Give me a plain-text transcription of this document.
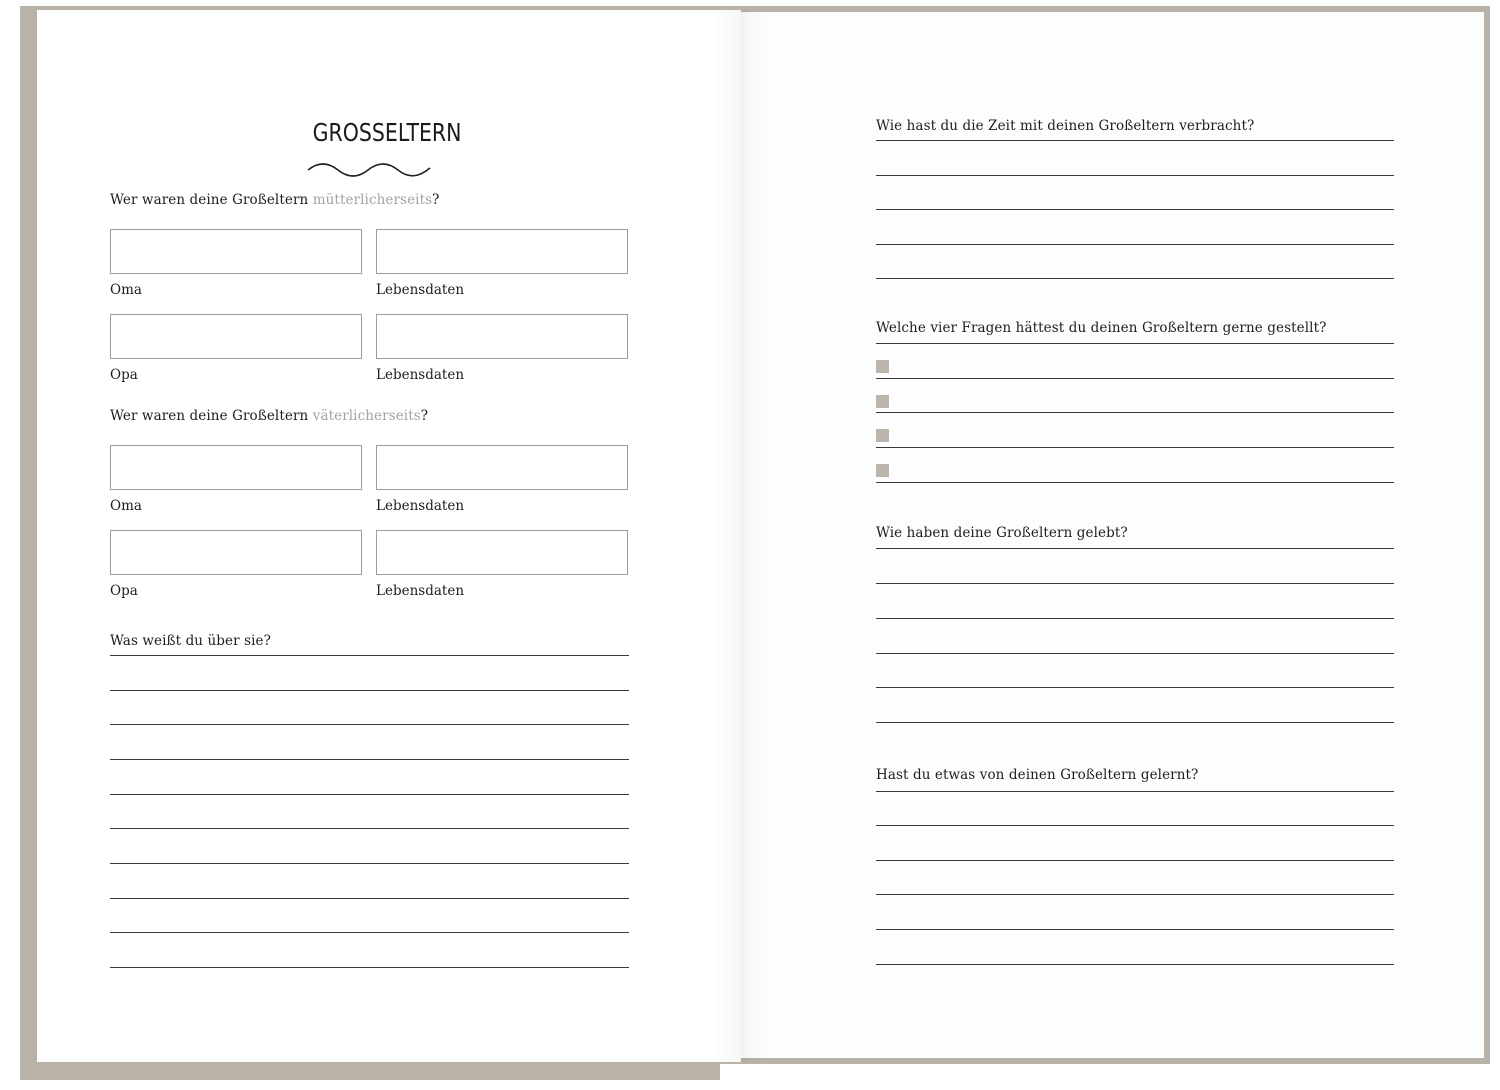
GROSSELTERN
Wer waren deine Großeltern mütterlicherseits?
Oma	Lebensdaten
Opa	Lebensdaten
Wer waren deine Großeltern väterlicherseits?
Oma	Lebensdaten
Opa	Lebensdaten
Was weißt du über sie?
Wie hast du die Zeit mit deinen Großeltern verbracht?
Welche vier Fragen hättest du deinen Großeltern gerne gestellt?
Wie haben deine Großeltern gelebt?
Hast du etwas von deinen Großeltern gelernt?
